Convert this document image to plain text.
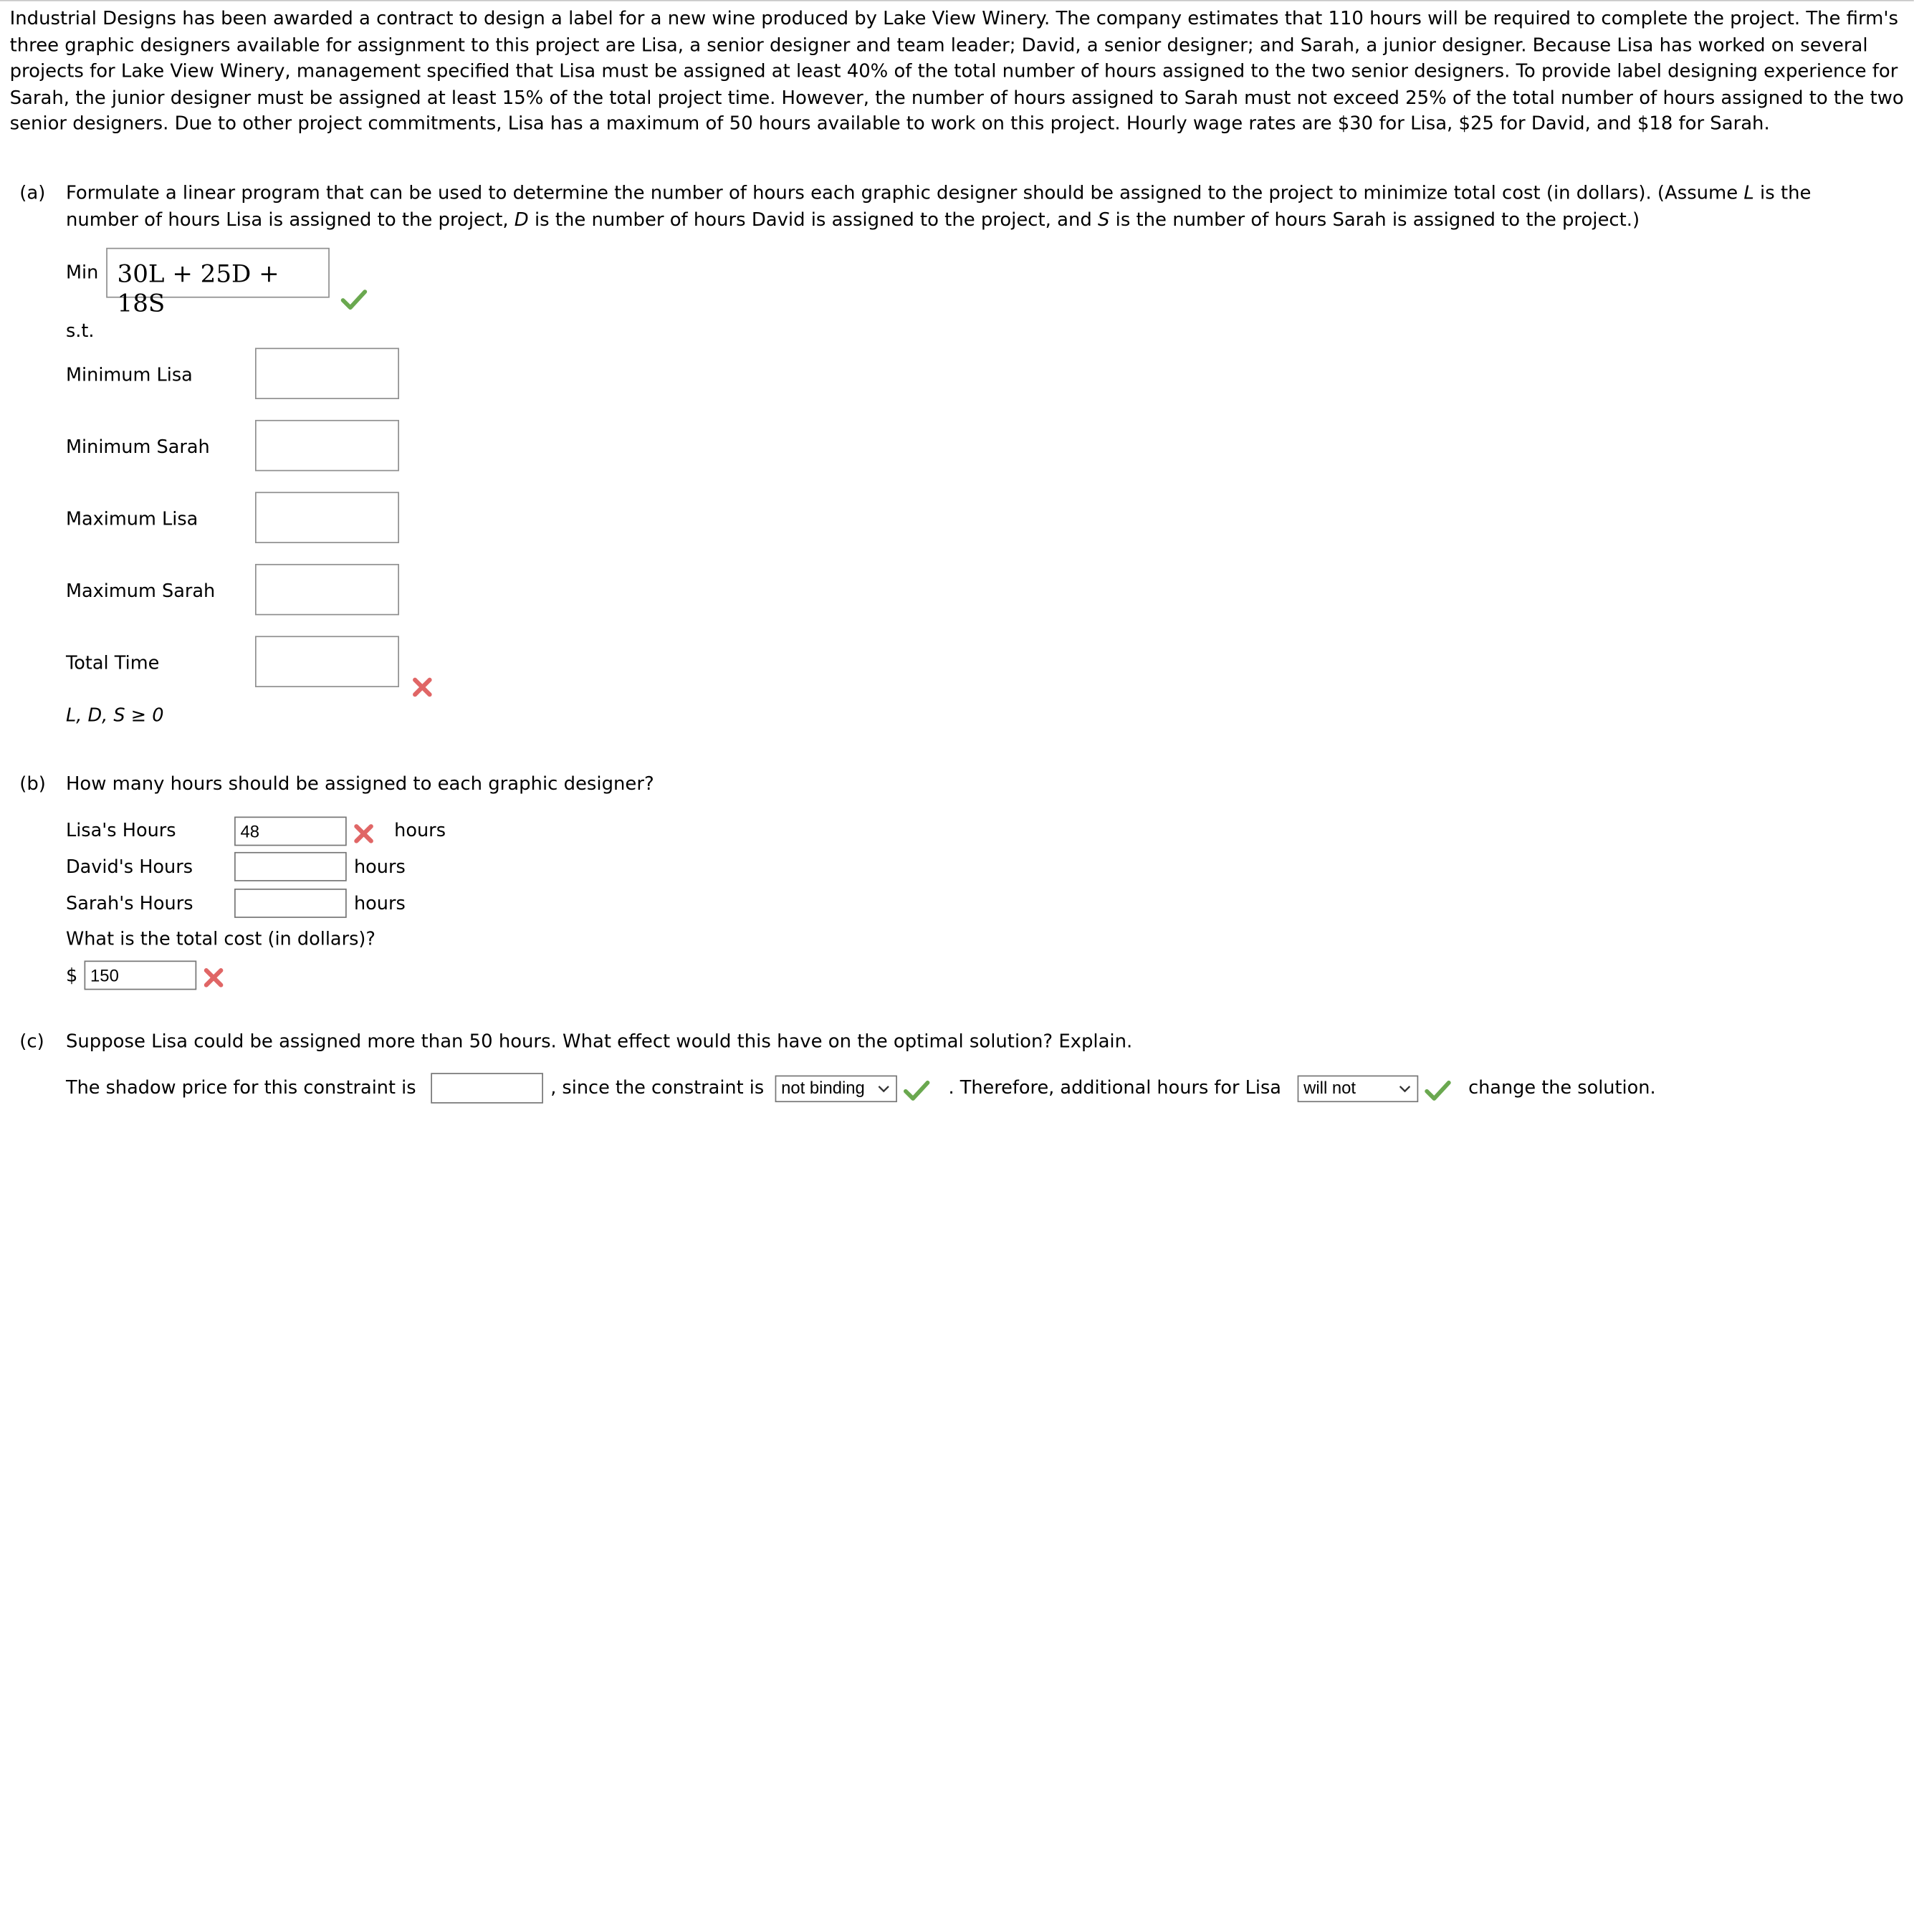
Industrial Designs has been awarded a contract to design a label for a new wine produced by Lake View Winery. The company estimates that 110 hours will be required to complete the project. The firm's three graphic designers available for assignment to this project are Lisa, a senior designer and team leader; David, a senior designer; and Sarah, a junior designer. Because Lisa has worked on several projects for Lake View Winery, management specified that Lisa must be assigned at least 40% of the total number of hours assigned to the two senior designers. To provide label designing experience for Sarah, the junior designer must be assigned at least 15% of the total project time. However, the number of hours assigned to Sarah must not exceed 25% of the total number of hours assigned to the two senior designers. Due to other project commitments, Lisa has a maximum of 50 hours available to work on this project. Hourly wage rates are $30 for Lisa, $25 for David, and $18 for Sarah.
(a) Formulate a linear program that can be used to determine the number of hours each graphic designer should be assigned to the project to minimize total cost (in dollars). (Assume L is the
number of hours Lisa is assigned to the project, D is the number of hours David is assigned to the project, and S is the number of hours Sarah is assigned to the project.)
Min 30L + 25D + 18S
s.t.
Minimum Lisa
Minimum Sarah
Maximum Lisa
Maximum Sarah
Total Time
L, D, S ≥ 0
(b) How many hours should be assigned to each graphic designer?
Lisa's Hours	48	hours
David's Hours	hours
Sarah's Hours	hours
What is the total cost (in dollars)?
$	150
(c) Suppose Lisa could be assigned more than 50 hours. What effect would this have on the optimal solution? Explain.
The shadow price for this constraint is	, since the constraint is	not binding	. Therefore, additional hours for Lisa	will not	change the solution.
